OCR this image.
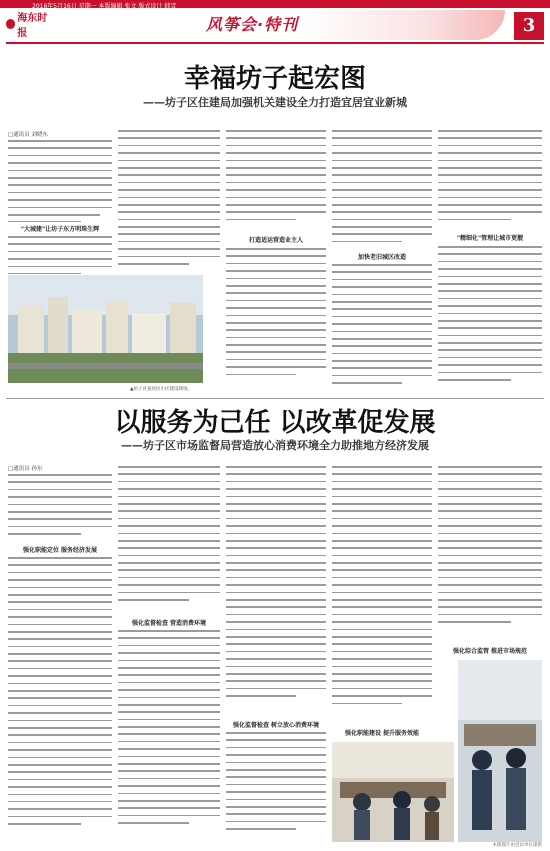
2016年5月16日 星期一 本版编辑 张文 版式设计 韩雪
海东时报	风筝会·特刊	3
幸福坊子起宏图
——坊子区住建局加强机关建设全力打造宜居宜业新城
□通讯员 刘晓东
"大城建"让坊子东方明珠生辉
▲坊子区某居民小区建设现场。
打造适运营造业主人
加快老旧城区改造
"精细化"管理让城市更靓
以服务为己任 以改革促发展
——坊子区市场监督局营造放心消费环境全力助推地方经济发展
□通讯员 孙东
强化职能定位 服务经济发展
强化监督检查 营造消费环境
强化监督检查 树立放心消费环境
强化职能建设 提升服务效能
强化综合监管 推进市场规范
本版图片由受访单位提供
